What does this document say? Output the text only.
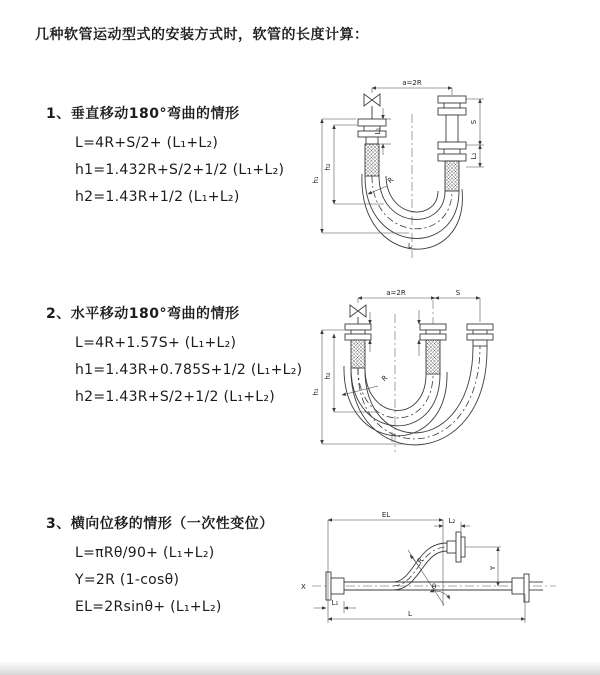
几种软管运动型式的安装方式时，软管的长度计算：
1、垂直移动180°弯曲的情形
L=4R+S/2+ (L₁+L₂)
h1=1.432R+S/2+1/2 (L₁+L₂)
h2=1.43R+1/2 (L₁+L₂)
2、水平移动180°弯曲的情形
L=4R+1.57S+ (L₁+L₂)
h1=1.43R+0.785S+1/2 (L₁+L₂)
h2=1.43R+S/2+1/2 (L₁+L₂)
3、横向位移的情形（一次性变位）
L=πRθ/90+ (L₁+L₂)
Y=2R (1-cosθ)
EL=2Rsinθ+ (L₁+L₂)
a=2R
h₁
h₂
L₁
S
L₂
R
L
a=2R	S
h₁
h₂	R
X
EL
L₂
Y
θ
R
L
L₁
